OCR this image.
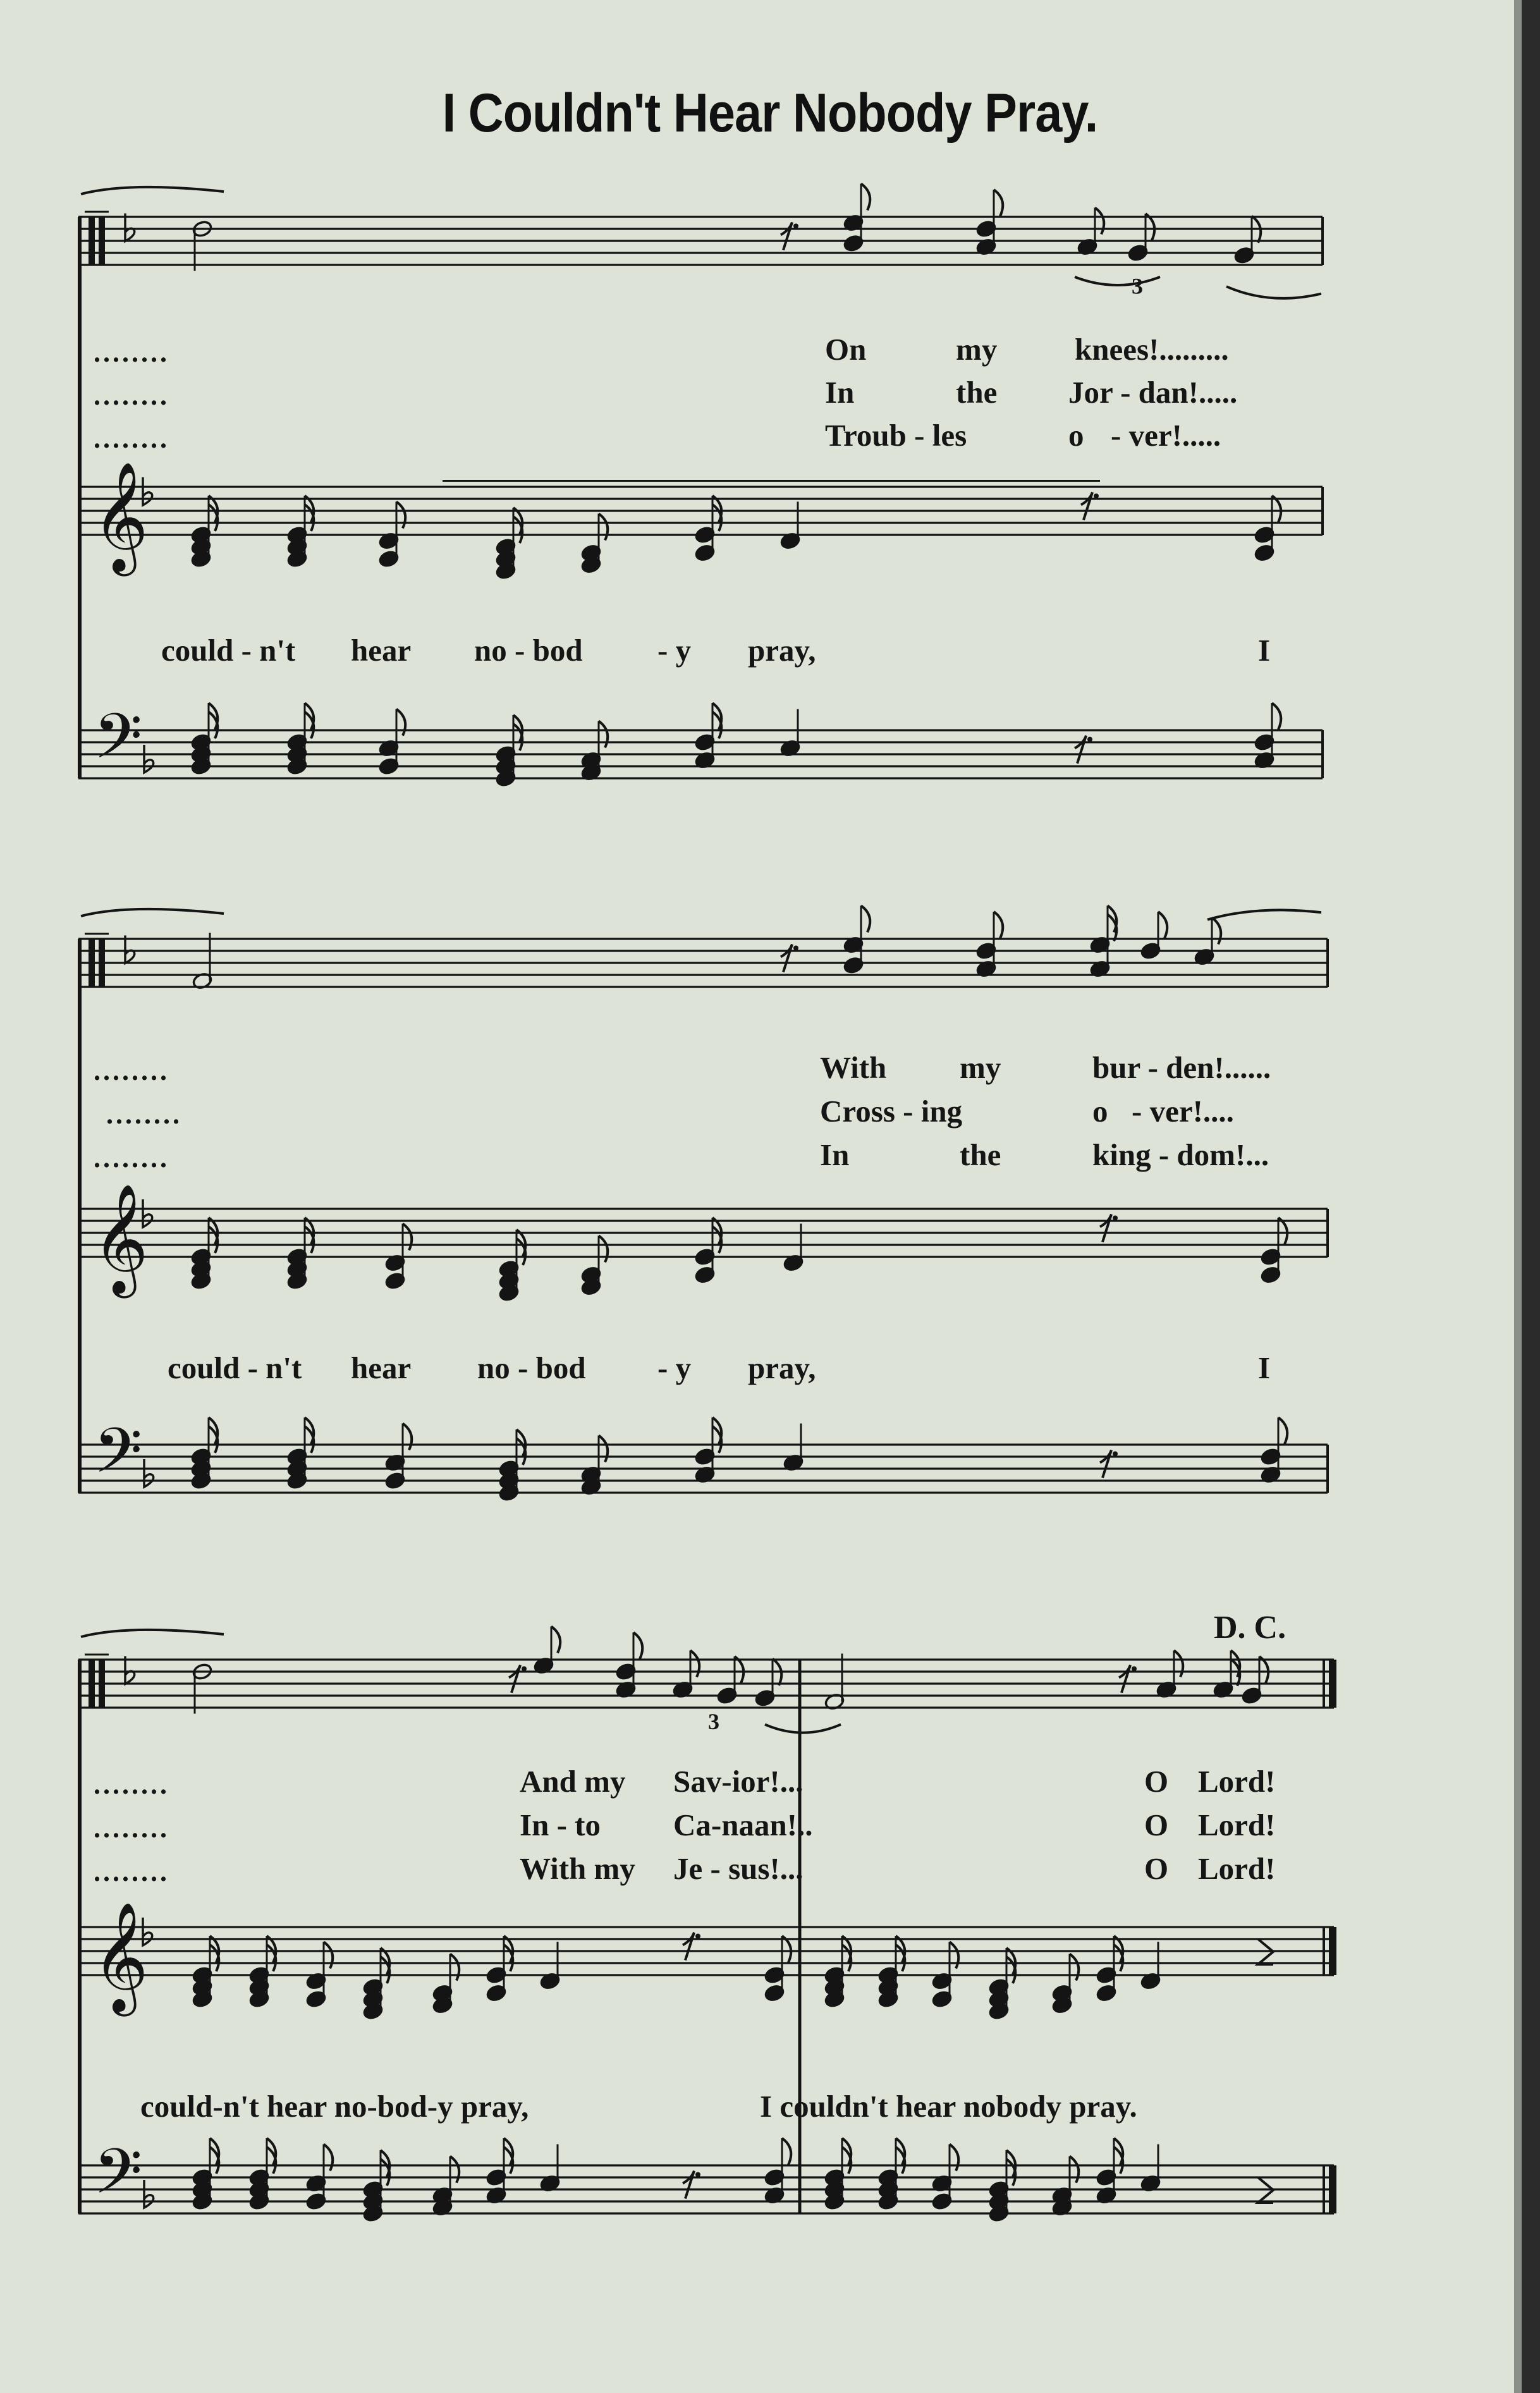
I Couldn't Hear Nobody Pray.
𝄞
𝄢
𝄞
𝄢
𝄞
𝄢
3
3
........
........
........
On	my	knees!.........
In	the Jor - dan!.....
Troub - les	o - ver!.....
could - n't hear no - bod - y pray,	I
........
........
........
With my	bur - den!......
Cross - ing	o - ver!....
In	the	king - dom!...
could - n't hear no - bod - y pray,	I
D. C.
........
........
........
And my Sav-ior!...	O Lord!
In - to Ca-naan!..	O Lord!
With my Je - sus!...	O Lord!
could-n't hear no-bod-y pray,	I couldn't hear nobody pray.
